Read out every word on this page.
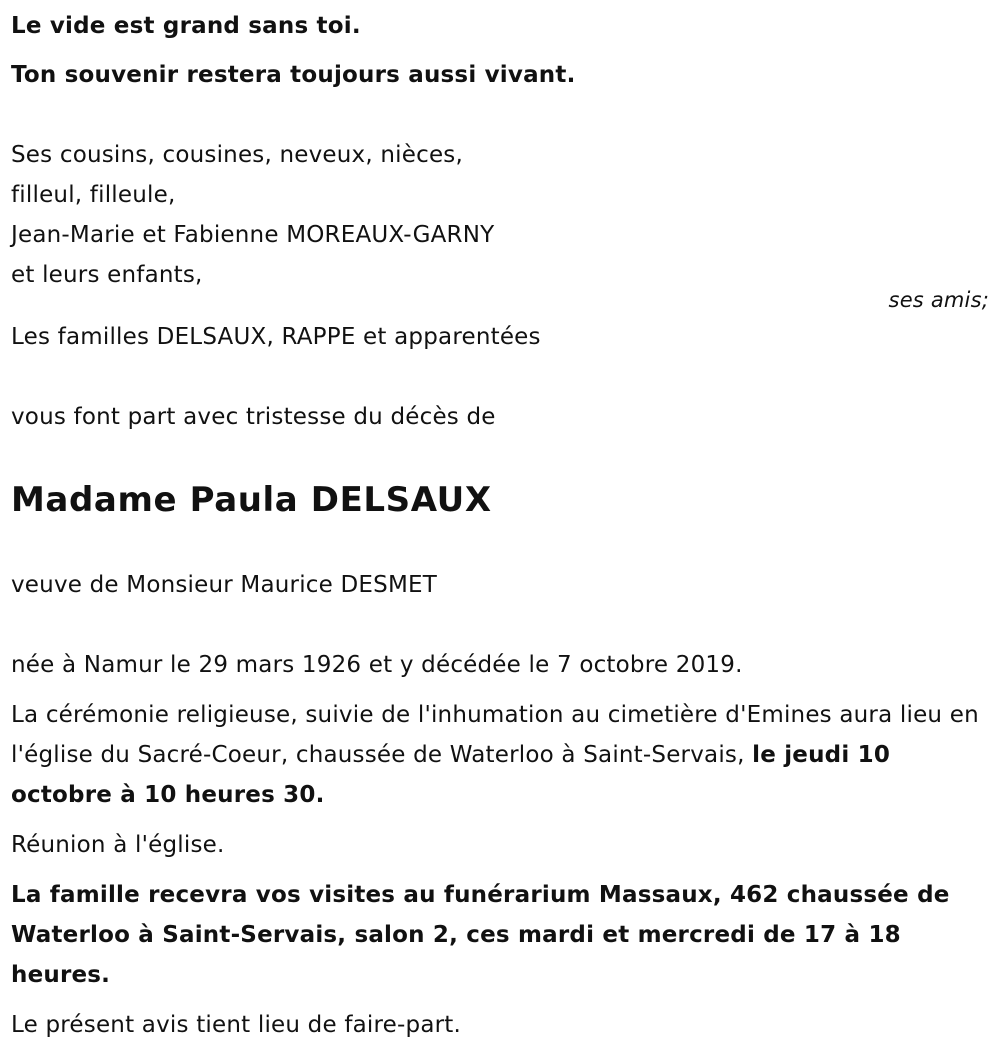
Le vide est grand sans toi.

Ton souvenir restera toujours aussi vivant.

Ses cousins, cousines, neveux, nièces,

filleul, filleule,

Jean-Marie et Fabienne MOREAUX-GARNY

et leurs enfants,

ses amis;

Les familles DELSAUX, RAPPE et apparentées

vous font part avec tristesse du décès de

Madame Paula DELSAUX

veuve de Monsieur Maurice DESMET

née à Namur le 29 mars 1926 et y décédée le 7 octobre 2019.

La cérémonie religieuse, suivie de l'inhumation au cimetière d'Emines aura lieu en l'église du Sacré-Coeur, chaussée de Waterloo à Saint-Servais, le jeudi 10 octobre à 10 heures 30.

Réunion à l'église.

La famille recevra vos visites au funérarium Massaux, 462 chaussée de Waterloo à Saint-Servais, salon 2, ces mardi et mercredi de 17 à 18 heures.

Le présent avis tient lieu de faire-part.
